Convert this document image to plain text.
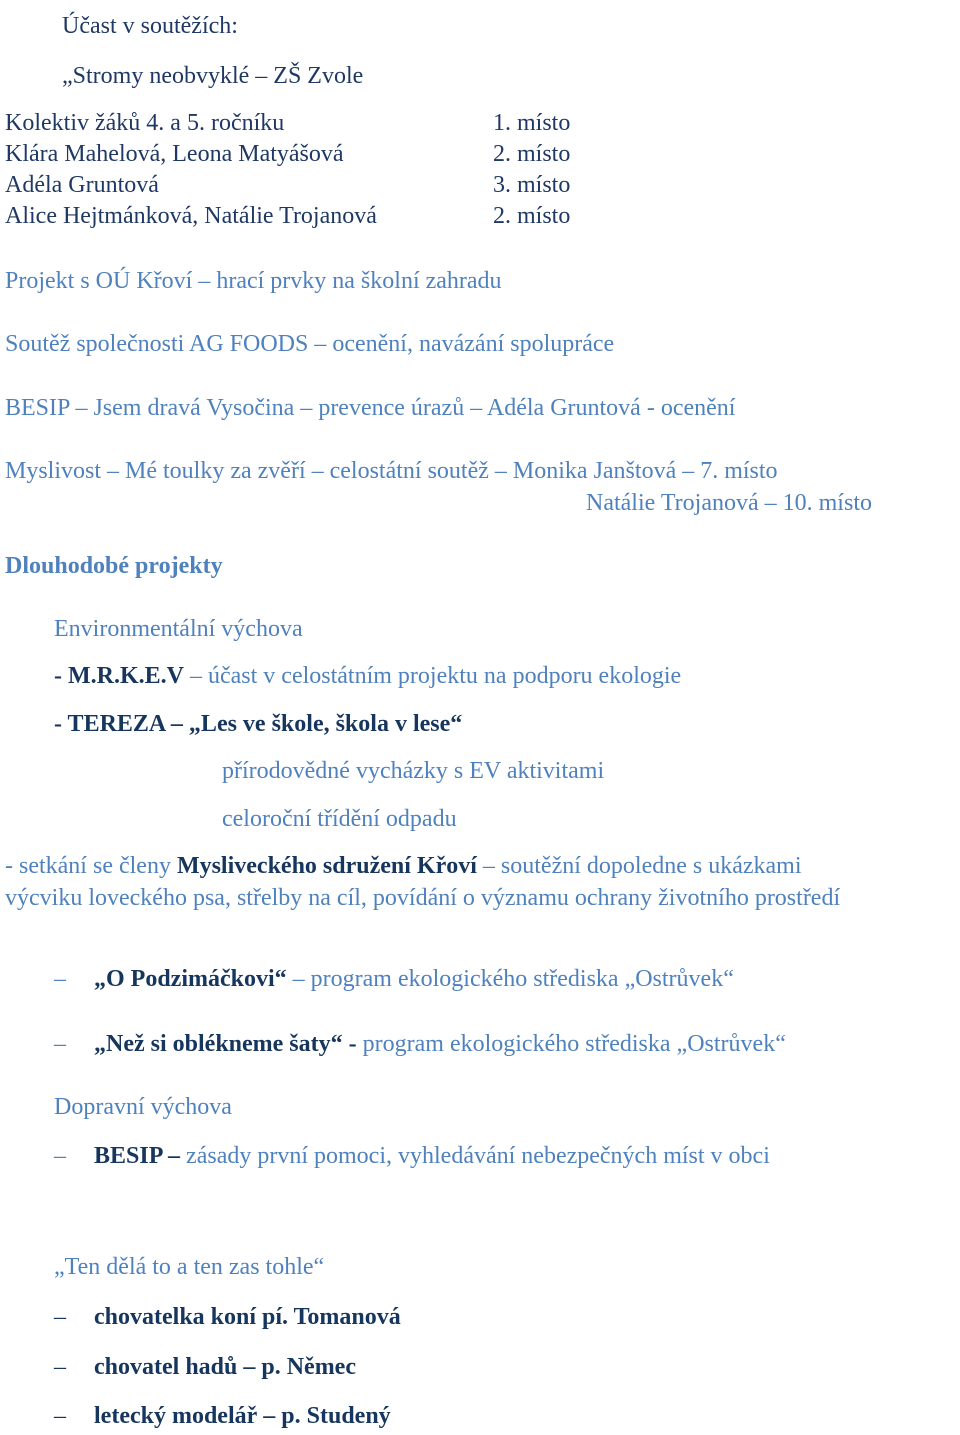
Účast v soutěžích:
„Stromy neobvyklé – ZŠ Zvole
Kolektiv žáků 4. a 5. ročníku	1. místo
Klára Mahelová, Leona Matyášová	2. místo
Adéla Gruntová	3. místo
Alice Hejtmánková, Natálie Trojanová	2. místo
Projekt s OÚ Křoví – hrací prvky na školní zahradu
Soutěž společnosti AG FOODS – ocenění, navázání spolupráce
BESIP – Jsem dravá Vysočina – prevence úrazů – Adéla Gruntová - ocenění
Myslivost – Mé toulky za zvěří – celostátní soutěž – Monika Janštová – 7. místo
Natálie Trojanová – 10. místo
Dlouhodobé projekty
Environmentální výchova
- M.R.K.E.V – účast v celostátním projektu na podporu ekologie
- TEREZA – „Les ve škole, škola v lese“
přírodovědné vycházky s EV aktivitami
celoroční třídění odpadu
- setkání se členy Mysliveckého sdružení Křoví – soutěžní dopoledne s ukázkami
výcviku loveckého psa, střelby na cíl, povídání o významu ochrany životního prostředí
– „O Podzimáčkovi“ – program ekologického střediska „Ostrůvek“
– „Než si oblékneme šaty“ - program ekologického střediska „Ostrůvek“
Dopravní výchova
– BESIP – zásady první pomoci, vyhledávání nebezpečných míst v obci
„Ten dělá to a ten zas tohle“
– chovatelka koní pí. Tomanová
– chovatel hadů – p. Němec
– letecký modelář – p. Studený
